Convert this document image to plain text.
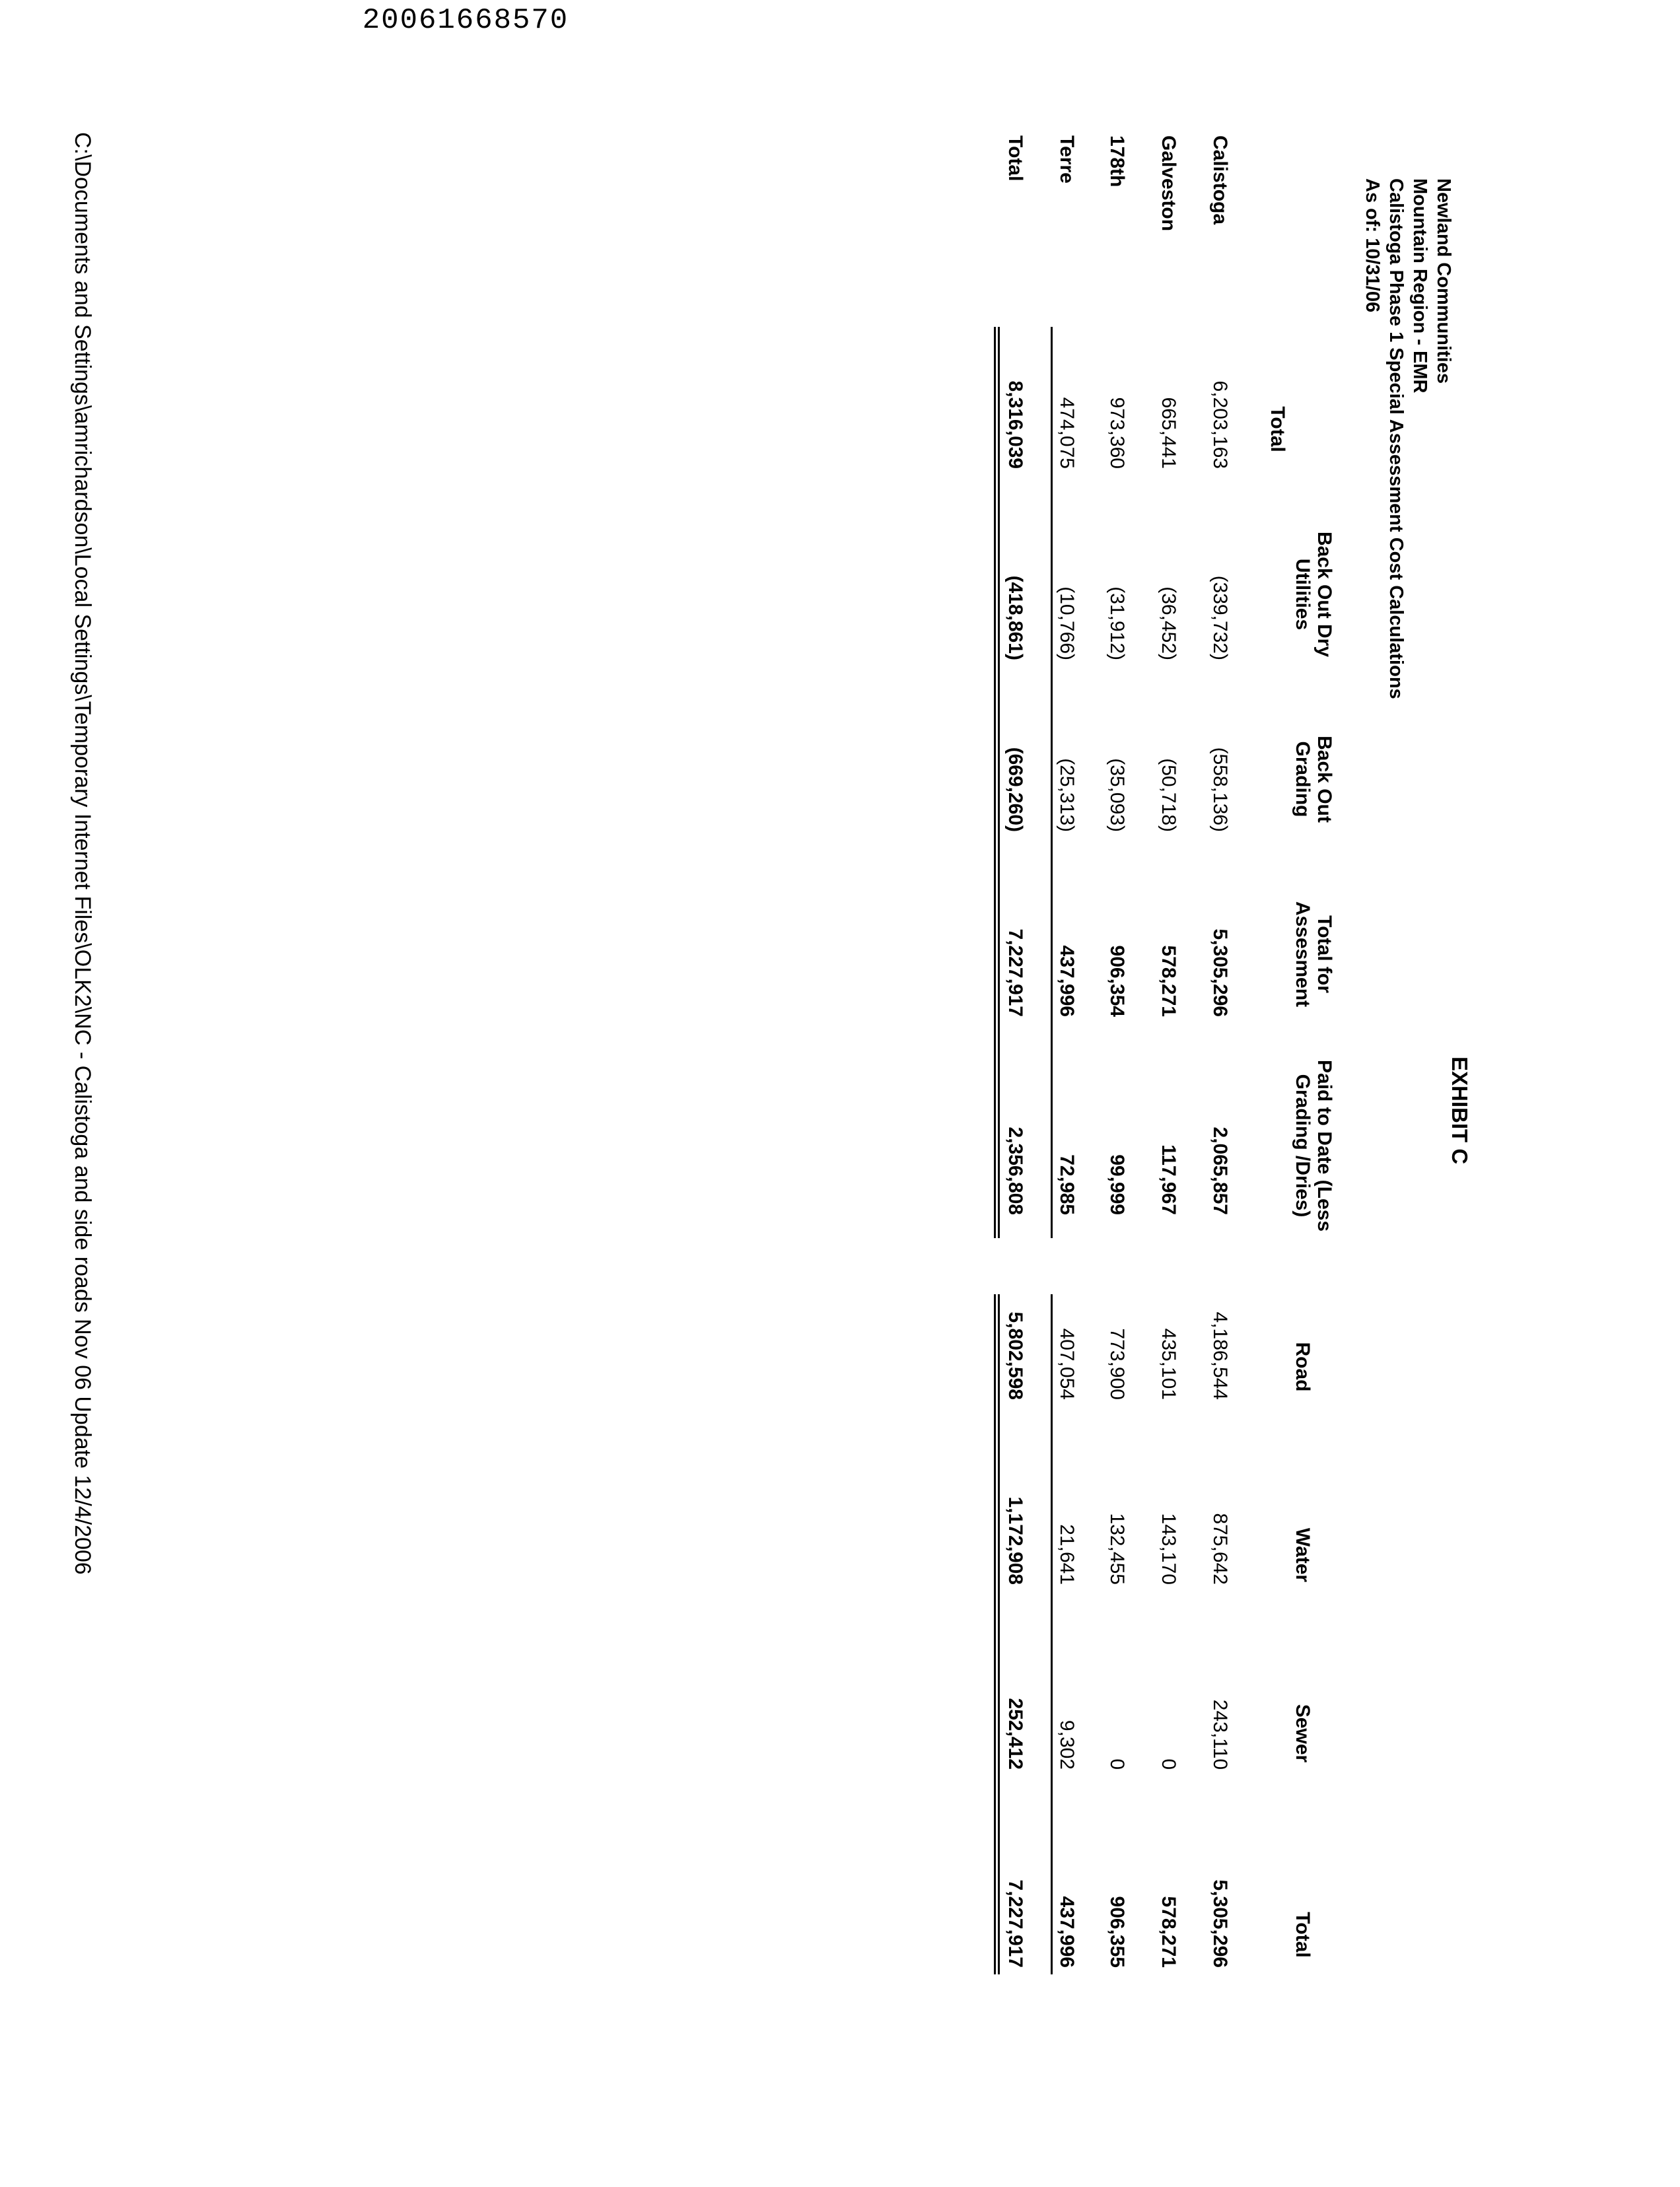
20061668570
Newland Communities
Mountain Region - EMR
Calistoga Phase 1 Special Assessment Cost Calculations
As of: 10/31/06
EXHIBIT C
Total
Back Out Dry
Utilities
Back Out
Grading
Total for
Assesment
Paid to Date (Less
Grading /Dries)
Road
Water
Sewer
Total
Calistoga
6,203,163
(339,732)
(558,136)
5,305,296
2,065,857
4,186,544
875,642
243,110
5,305,296
Galveston
665,441
(36,452)
(50,718)
578,271
117,967
435,101
143,170
0
578,271
178th
973,360
(31,912)
(35,093)
906,354
99,999
773,900
132,455
0
906,355
Terre
474,075
(10,766)
(25,313)
437,996
72,985
407,054
21,641
9,302
437,996
Total
8,316,039
(418,861)
(669,260)
7,227,917
2,356,808
5,802,598
1,172,908
252,412
7,227,917
C:\Documents and Settings\amrichardson\Local Settings\Temporary Internet Files\OLK2\NC - Calistoga and side roads Nov 06 Update 12/4/2006
